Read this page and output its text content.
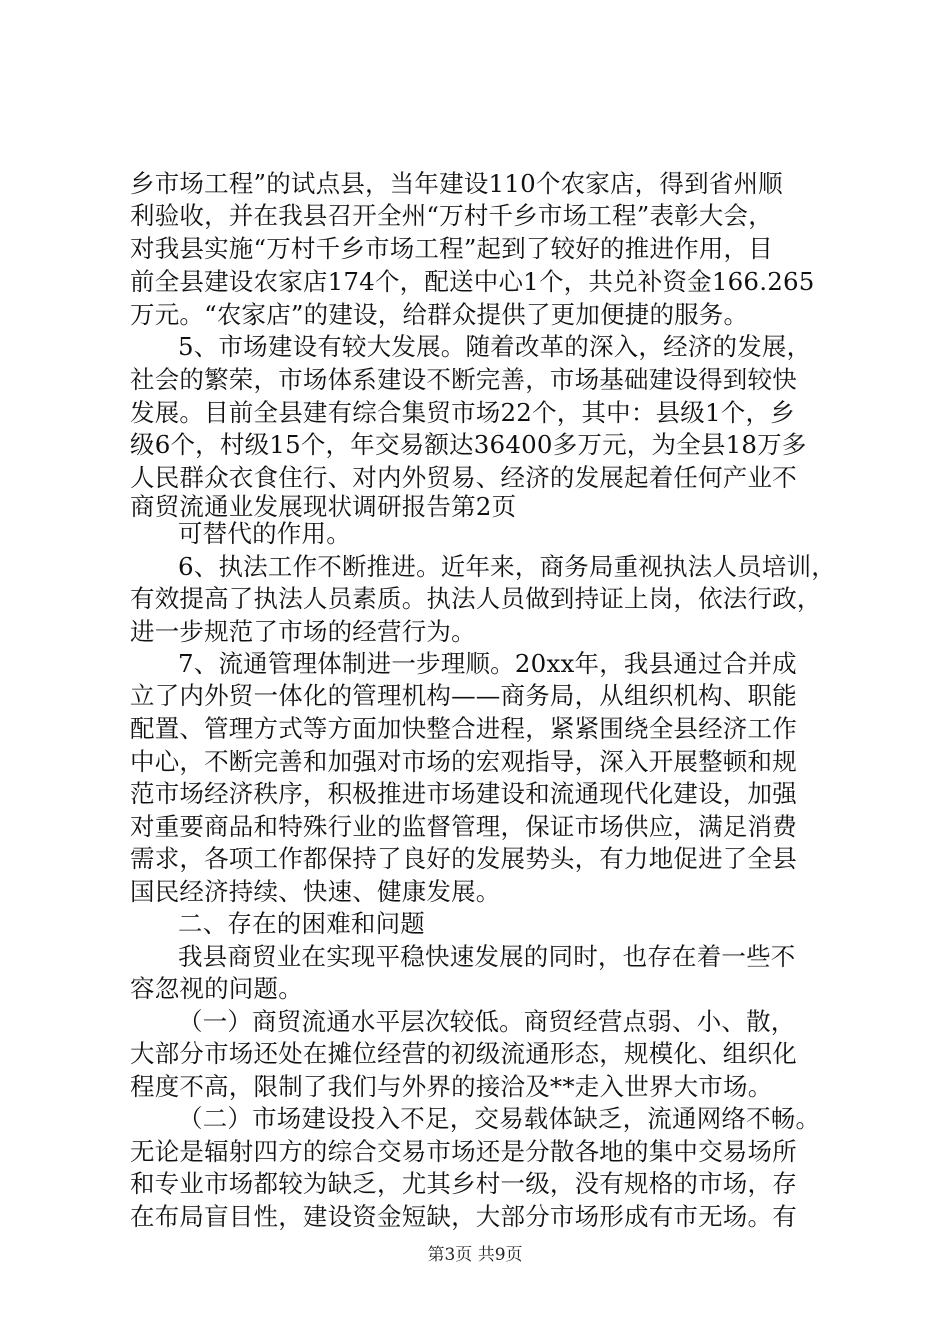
乡市场工程”的试点县，当年建设110个农家店，得到省州顺
利验收，并在我县召开全州“万村千乡市场工程”表彰大会，
对我县实施“万村千乡市场工程”起到了较好的推进作用，目
前全县建设农家店174个，配送中心1个，共兑补资金166.265
万元。“农家店”的建设，给群众提供了更加便捷的服务。
5、市场建设有较大发展。随着改革的深入，经济的发展，
社会的繁荣，市场体系建设不断完善，市场基础建设得到较快
发展。目前全县建有综合集贸市场22个，其中：县级1个，乡
级6个，村级15个，年交易额达36400多万元，为全县18万多
人民群众衣食住行、对内外贸易、经济的发展起着任何产业不
商贸流通业发展现状调研报告第2页
可替代的作用。
6、执法工作不断推进。近年来，商务局重视执法人员培训，
有效提高了执法人员素质。执法人员做到持证上岗，依法行政，
进一步规范了市场的经营行为。
7、流通管理体制进一步理顺。20xx年，我县通过合并成
立了内外贸一体化的管理机构——商务局，从组织机构、职能
配置、管理方式等方面加快整合进程，紧紧围绕全县经济工作
中心，不断完善和加强对市场的宏观指导，深入开展整顿和规
范市场经济秩序，积极推进市场建设和流通现代化建设，加强
对重要商品和特殊行业的监督管理，保证市场供应，满足消费
需求，各项工作都保持了良好的发展势头，有力地促进了全县
国民经济持续、快速、健康发展。
二、存在的困难和问题
我县商贸业在实现平稳快速发展的同时，也存在着一些不
容忽视的问题。
（一）商贸流通水平层次较低。商贸经营点弱、小、散，
大部分市场还处在摊位经营的初级流通形态，规模化、组织化
程度不高，限制了我们与外界的接洽及**走入世界大市场。
（二）市场建设投入不足，交易载体缺乏，流通网络不畅。
无论是辐射四方的综合交易市场还是分散各地的集中交易场所
和专业市场都较为缺乏，尤其乡村一级，没有规格的市场，存
在布局盲目性，建设资金短缺，大部分市场形成有市无场。有
第3页 共9页
